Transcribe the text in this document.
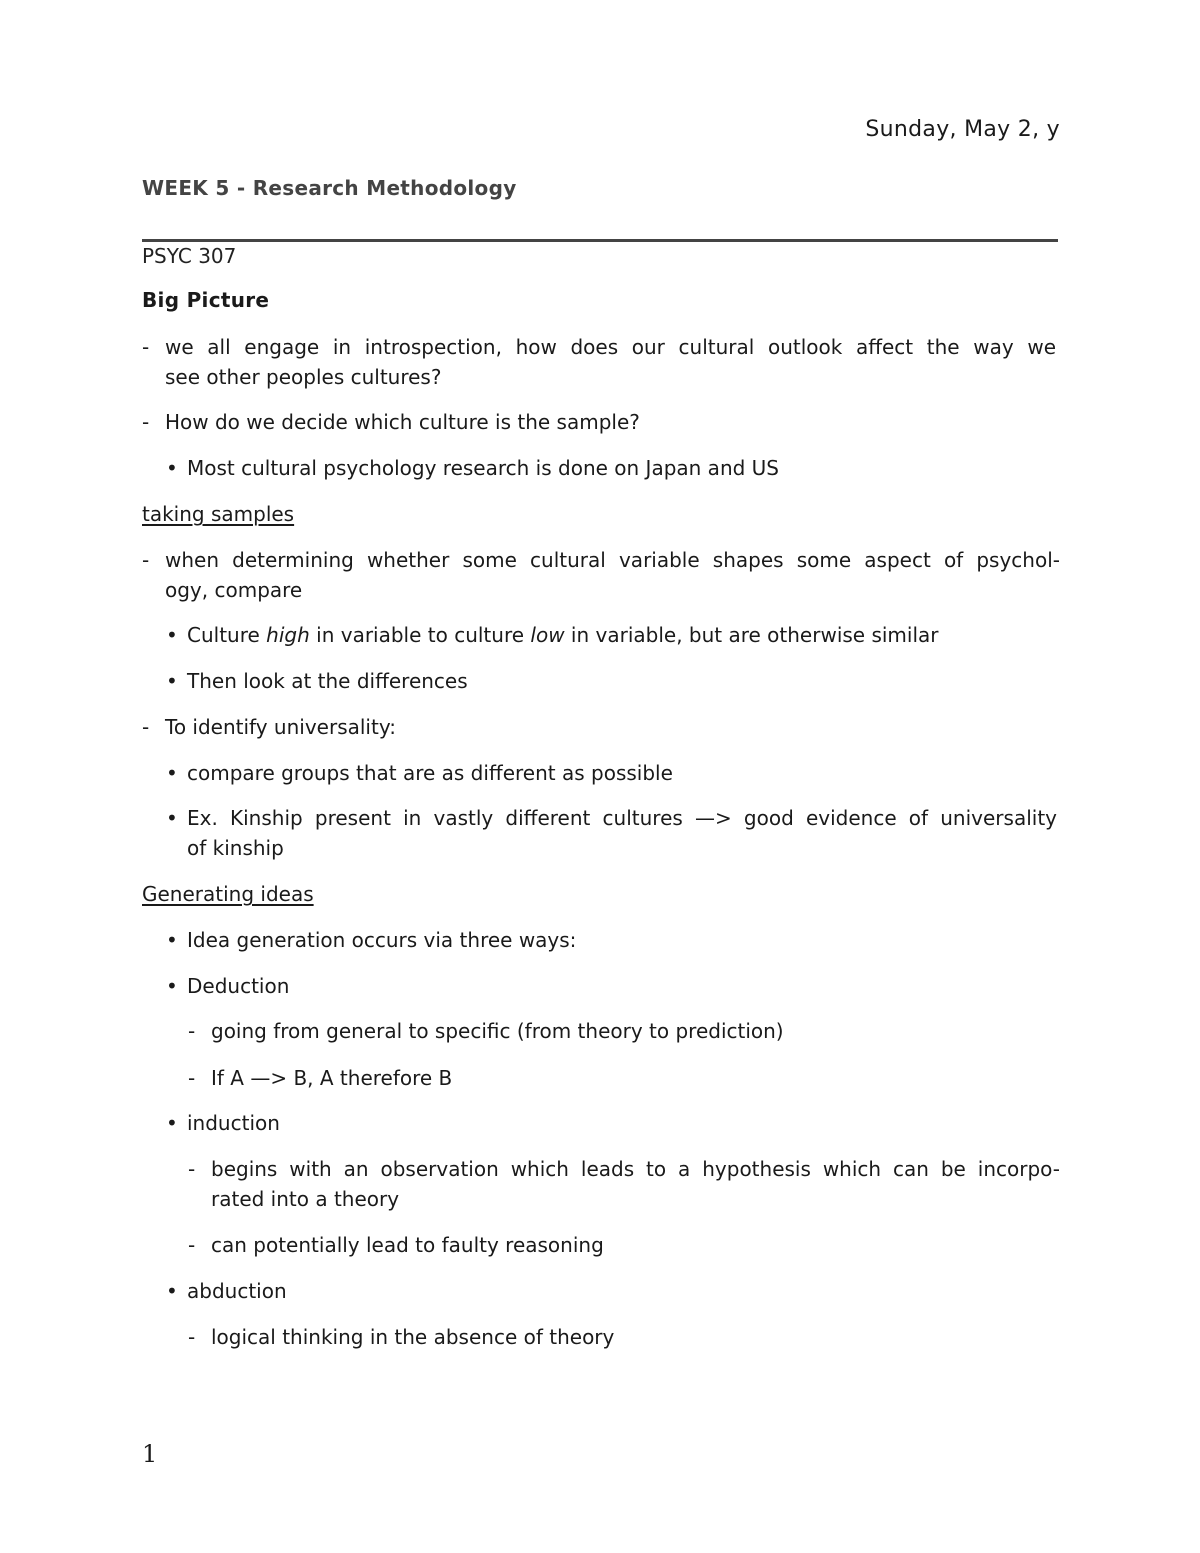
Sunday, May 2, y
WEEK 5 - Research Methodology
PSYC 307
Big Picture
- we all engage in introspection, how does our cultural outlook affect the way we
see other peoples cultures?
- How do we decide which culture is the sample?
• Most cultural psychology research is done on Japan and US
taking samples
- when determining whether some cultural variable shapes some aspect of psychol-
ogy, compare
• Culture high in variable to culture low in variable, but are otherwise similar
• Then look at the differences
- To identify universality:
• compare groups that are as different as possible
• Ex. Kinship present in vastly different cultures —> good evidence of universality
of kinship
Generating ideas
• Idea generation occurs via three ways:
• Deduction
- going from general to specific (from theory to prediction)
- If A —> B, A therefore B
• induction
- begins with an observation which leads to a hypothesis which can be incorpo-
rated into a theory
- can potentially lead to faulty reasoning
• abduction
- logical thinking in the absence of theory
1
